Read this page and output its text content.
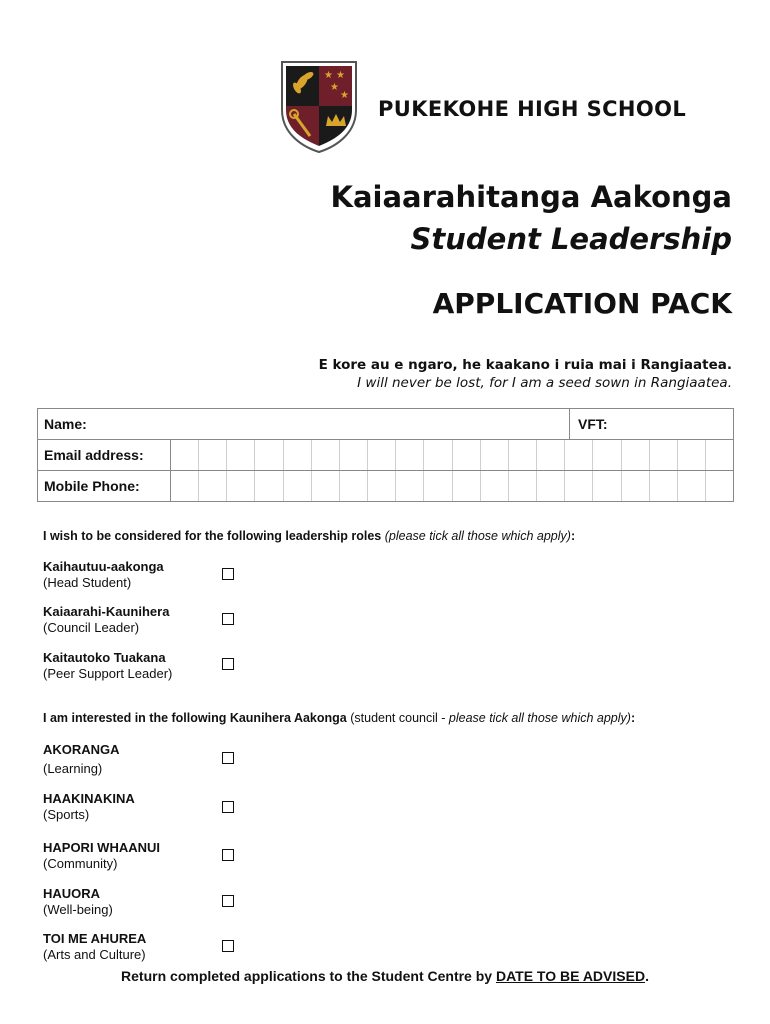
★ ★
★
★
PUKEKOHE HIGH SCHOOL
Kaiaarahitanga Aakonga
Student Leadership
APPLICATION PACK
E kore au e ngaro, he kaakano i ruia mai i Rangiaatea.
I will never be lost, for I am a seed sown in Rangiaatea.
Name:		VFT:
Email address:		

Mobile Phone:		
I wish to be considered for the following leadership roles (please tick all those which apply):
Kaihautuu-aakonga
(Head Student)
Kaiaarahi-Kaunihera
(Council Leader)
Kaitautoko Tuakana
(Peer Support Leader)
I am interested in the following Kaunihera Aakonga (student council - please tick all those which apply):
AKORANGA
(Learning)
HAAKINAKINA
(Sports)
HAPORI WHAANUI
(Community)
HAUORA
(Well-being)
TOI ME AHUREA
(Arts and Culture)
Return completed applications to the Student Centre by DATE TO BE ADVISED.
